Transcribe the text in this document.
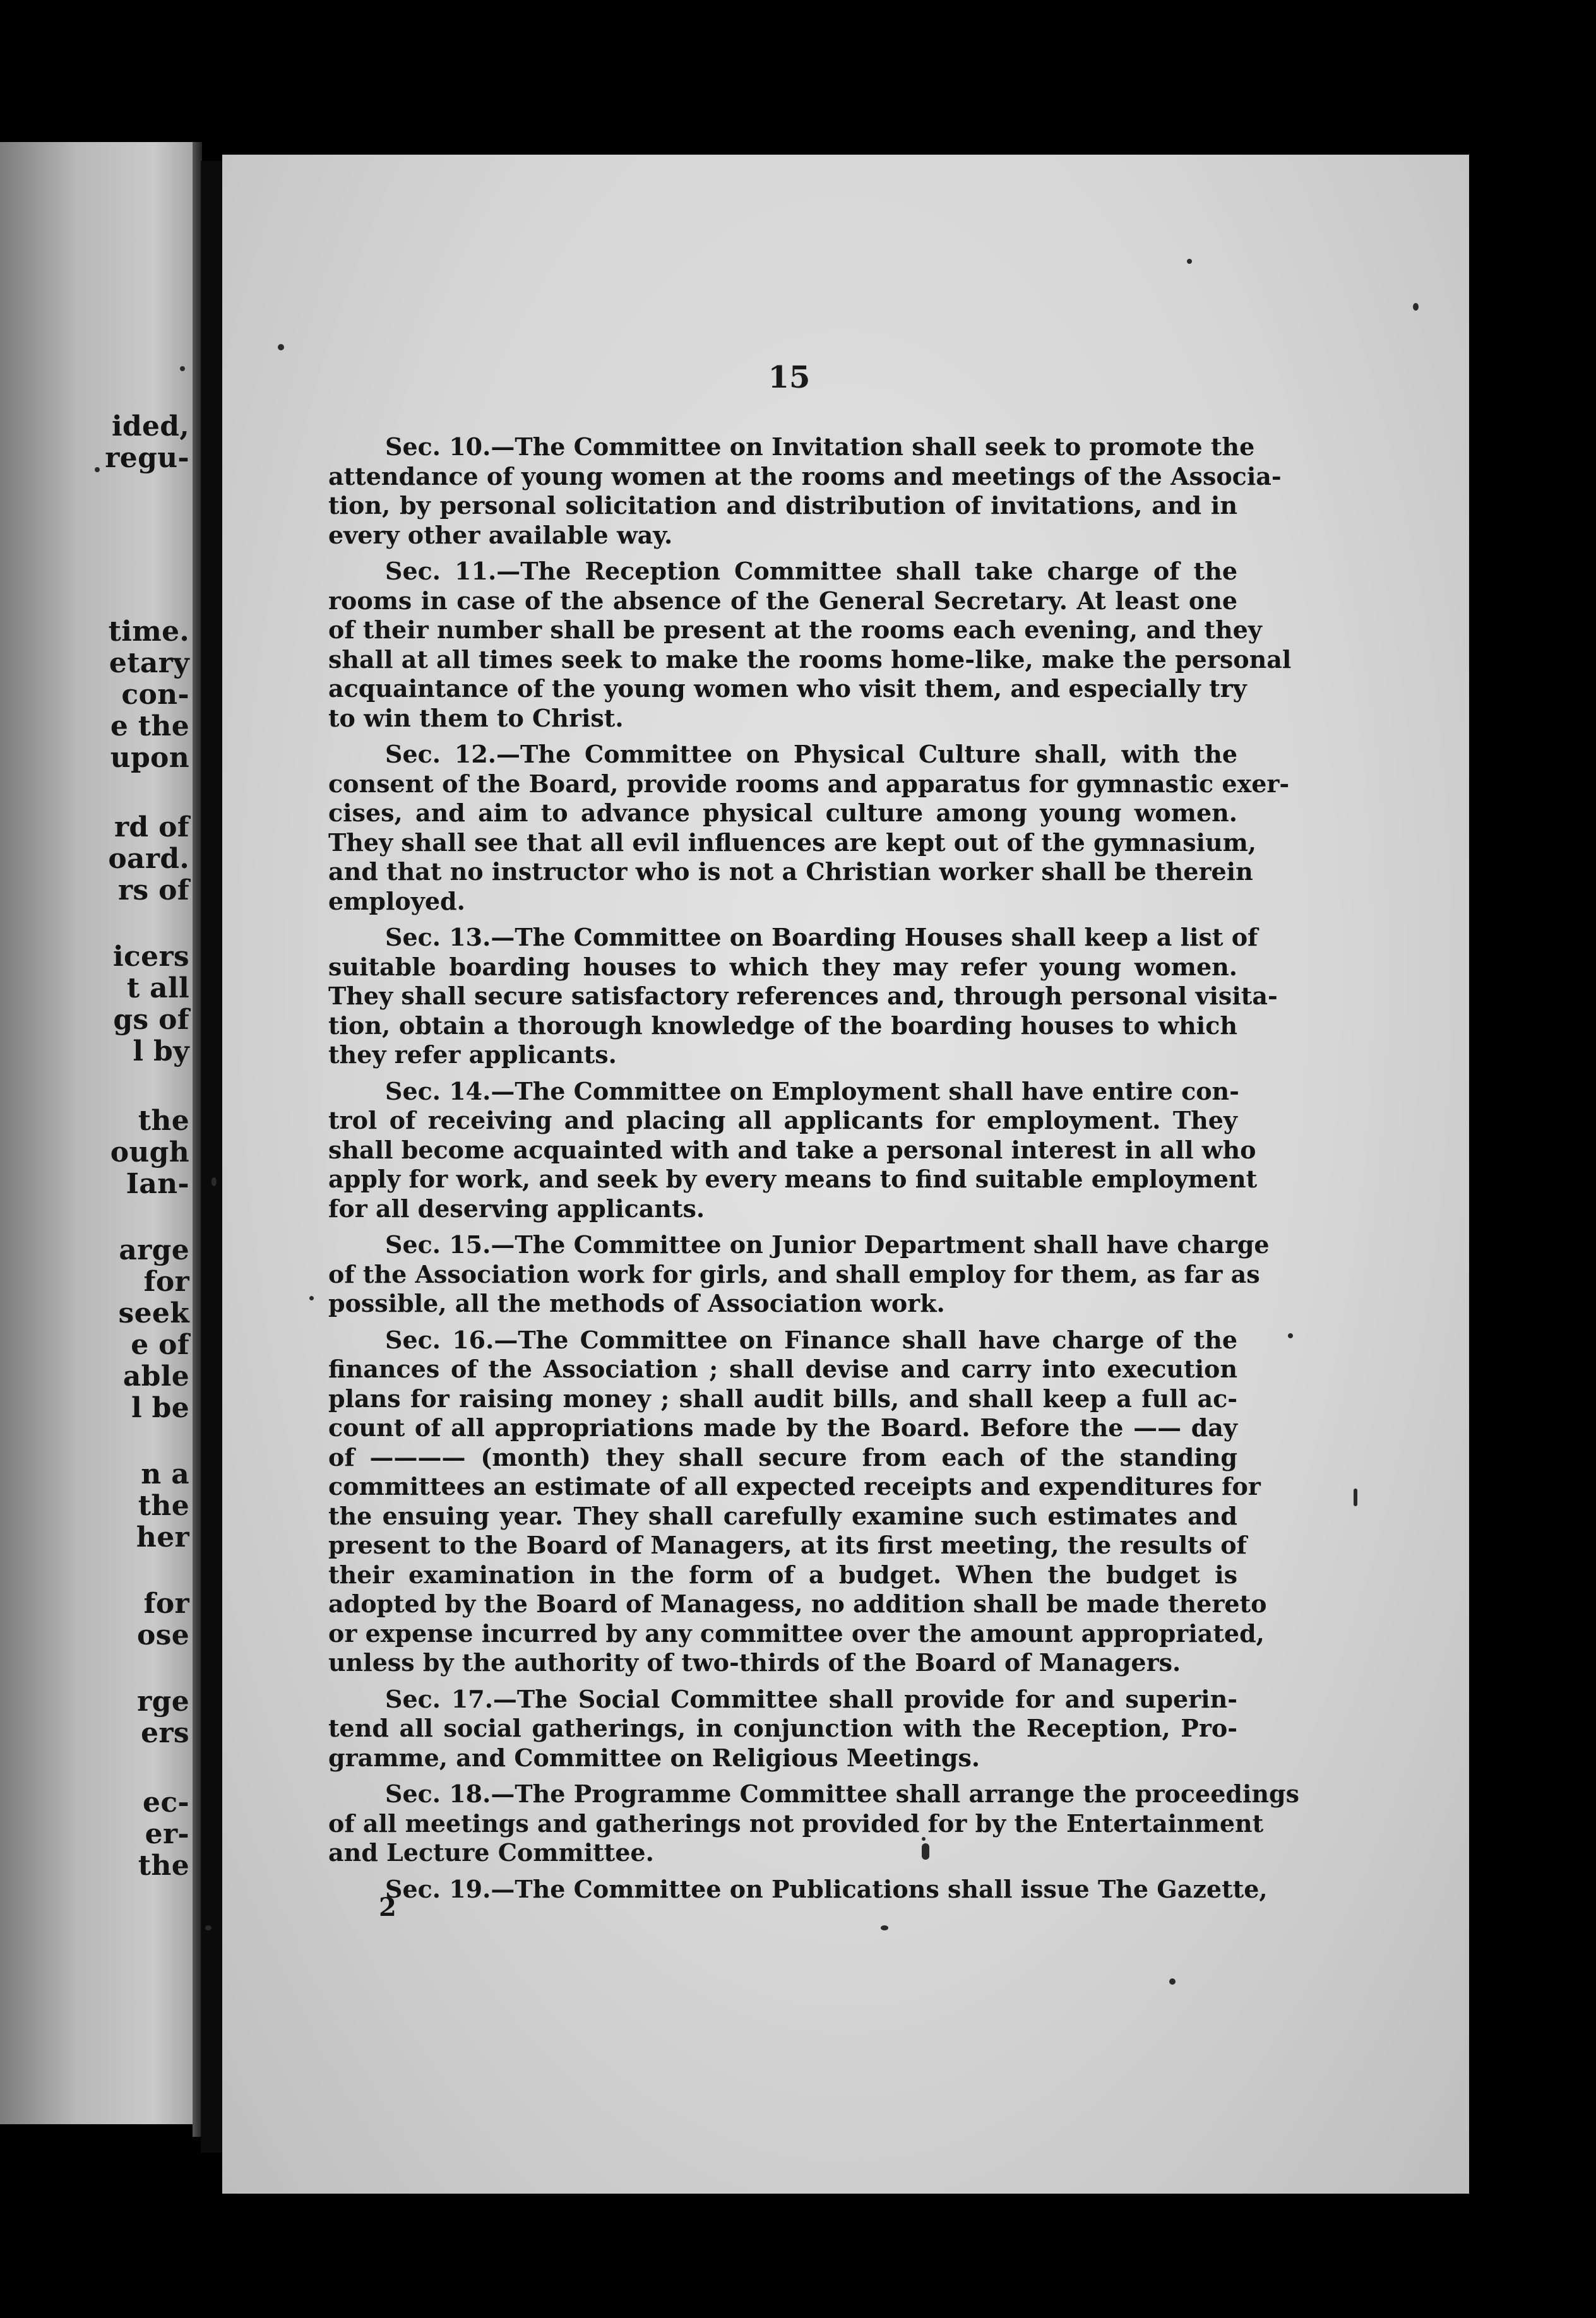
15
Sec. 10.—The Committee on Invitation shall seek to promote the
attendance of young women at the rooms and meetings of the Associa-
tion, by personal solicitation and distribution of invitations, and in
every other available way.
Sec. 11.—The Reception Committee shall take charge of the
rooms in case of the absence of the General Secretary. At least one
of their number shall be present at the rooms each evening, and they
shall at all times seek to make the rooms home-like, make the personal
acquaintance of the young women who visit them, and especially try
to win them to Christ.
Sec. 12.—The Committee on Physical Culture shall, with the
consent of the Board, provide rooms and apparatus for gymnastic exer-
cises, and aim to advance physical culture among young women.
They shall see that all evil influences are kept out of the gymnasium,
and that no instructor who is not a Christian worker shall be therein
employed.
Sec. 13.—The Committee on Boarding Houses shall keep a list of
suitable boarding houses to which they may refer young women.
They shall secure satisfactory references and, through personal visita-
tion, obtain a thorough knowledge of the boarding houses to which
they refer applicants.
Sec. 14.—The Committee on Employment shall have entire con-
trol of receiving and placing all applicants for employment. They
shall become acquainted with and take a personal interest in all who
apply for work, and seek by every means to find suitable employment
for all deserving applicants.
Sec. 15.—The Committee on Junior Department shall have charge
of the Association work for girls, and shall employ for them, as far as
possible, all the methods of Association work.
Sec. 16.—The Committee on Finance shall have charge of the
finances of the Association ; shall devise and carry into execution
plans for raising money ; shall audit bills, and shall keep a full ac-
count of all appropriations made by the Board. Before the —— day
of ———— (month) they shall secure from each of the standing
committees an estimate of all expected receipts and expenditures for
the ensuing year. They shall carefully examine such estimates and
present to the Board of Managers, at its first meeting, the results of
their examination in the form of a budget. When the budget is
adopted by the Board of Managess, no addition shall be made thereto
or expense incurred by any committee over the amount appropriated,
unless by the authority of two-thirds of the Board of Managers.
Sec. 17.—The Social Committee shall provide for and superin-
tend all social gatherings, in conjunction with the Reception, Pro-
gramme, and Committee on Religious Meetings.
Sec. 18.—The Programme Committee shall arrange the proceedings
of all meetings and gatherings not provided for by the Entertainment
and Lecture Committee.
Sec. 19.—The Committee on Publications shall issue The Gazette,
2
ided,
regu-
time.
etary
con-
e the
upon
rd of
oard.
rs of
icers
t all
gs of
l by
the
ough
Ian-
arge
for
seek
e of
able
l be
n a
the
her
for
ose
rge
ers
ec-
er-
the
